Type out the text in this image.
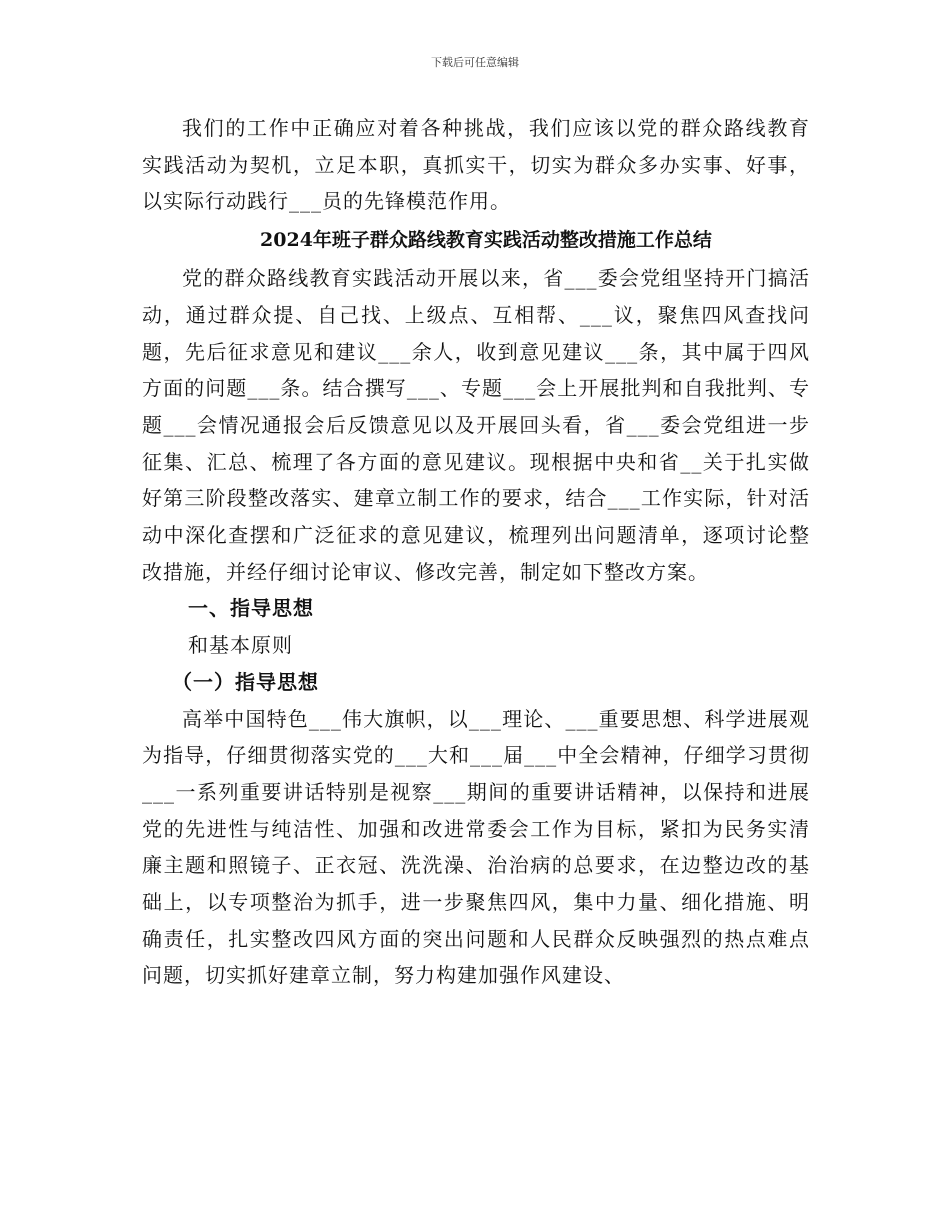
下载后可任意编辑

我们的工作中正确应对着各种挑战，我们应该以党的群众路线教育实践活动为契机，立足本职，真抓实干，切实为群众多办实事、好事，以实际行动践行___员的先锋模范作用。

2024年班子群众路线教育实践活动整改措施工作总结

党的群众路线教育实践活动开展以来，省___委会党组坚持开门搞活动，通过群众提、自己找、上级点、互相帮、___议，聚焦四风查找问题，先后征求意见和建议___余人，收到意见建议___条，其中属于四风方面的问题___条。结合撰写___、专题___会上开展批判和自我批判、专题___会情况通报会后反馈意见以及开展回头看，省___委会党组进一步征集、汇总、梳理了各方面的意见建议。现根据中央和省__关于扎实做好第三阶段整改落实、建章立制工作的要求，结合___工作实际，针对活动中深化查摆和广泛征求的意见建议，梳理列出问题清单，逐项讨论整改措施，并经仔细讨论审议、修改完善，制定如下整改方案。

一、指导思想

和基本原则

（一）指导思想

高举中国特色___伟大旗帜，以___理论、___重要思想、科学进展观为指导，仔细贯彻落实党的___大和___届___中全会精神，仔细学习贯彻___一系列重要讲话特别是视察___期间的重要讲话精神，以保持和进展党的先进性与纯洁性、加强和改进常委会工作为目标，紧扣为民务实清廉主题和照镜子、正衣冠、洗洗澡、治治病的总要求，在边整边改的基础上，以专项整治为抓手，进一步聚焦四风，集中力量、细化措施、明确责任，扎实整改四风方面的突出问题和人民群众反映强烈的热点难点问题，切实抓好建章立制，努力构建加强作风建设、
